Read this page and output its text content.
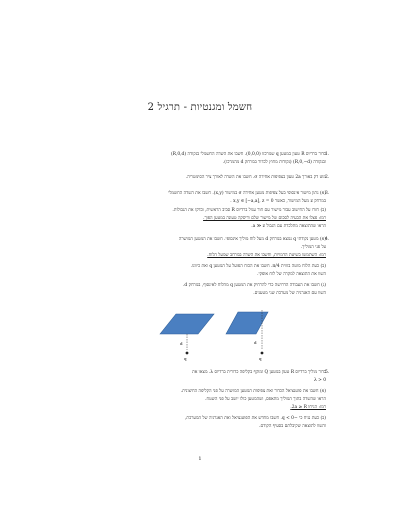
חשמל ומגנטיות - תרגיל 2
1.
כדור ברדיוס R טעון במטען q שמרכזו (0,0,0). חשבו את השדה החשמלי בנקודה (R,0,d)
ובנקודה (R,0,−d) (נקודות מחוץ לכדור במרחק d מהמרכז).
2.
מוט דק באורך 2a טעון בצפיפות אחידה σ. חשבו את השדה לאורך ציר הסימטריה.
3.
(א) נתון מישור אינסופי בעל צפיפות מטען אחידה σ במישור (x,y). חשבו את השדה החשמלי
במרחק z מעל המישור, כאשר x,y ∈ [−a,a], z = 0 .
(ב) חזרו על החישוב עבור מישור עם חור עגול ברדיוס R סביב הראשית, ובדקו את הגבולות.
רמז: פצלו את הבעיה לסכום של מישור שלם ודיסקה טעונה במטען הפוך.
הראו שהתוצאה מתלכדת עם הגבול a ≫ z.
4.
(א) מטען נקודתי q נמצא במרחק d מעל לוח מוליך אינסופי. חשבו את המטען המושרה
על פני המוליך.
רמז: השתמשו בשיטת הדמויות, וחשבו את השדה במרחב שמעל הלוח.
(ב) כעת הלוח מוטה בזווית π/4. חשבו את הכוח הפועל על המטען q ואת כיוונו.
השוו את התוצאה למקרה של לוח אופקי.
(ג) חשבו את העבודה הדרושה כדי להרחיק את המטען q מהלוח לאינסוף, במרחק d.
השוו עם האנרגיה של מערכת שני מטענים.
d
q
d
q
5.
כדור מוליך ברדיוס R טעון במטען Q ומוקף בקליפה כדורית ברדיוס λ. מצאו את
λ > 0
(א) חשבו את פוטנציאל הכדור ואת צפיפות המטען המושרה על פני הקליפה החיצונית.
הראו שהשדה בתוך המוליך מתאפס, ושהמטען כולו יושב על פני השטח.
רמז: הניחו 2a ≥ R.
(ב) כעת נניח כי −q < 0. חשבו מחדש את הפוטנציאל ואת האנרגיה של המערכת,
והשוו לתוצאה שקיבלתם בסעיף הקודם.
1
